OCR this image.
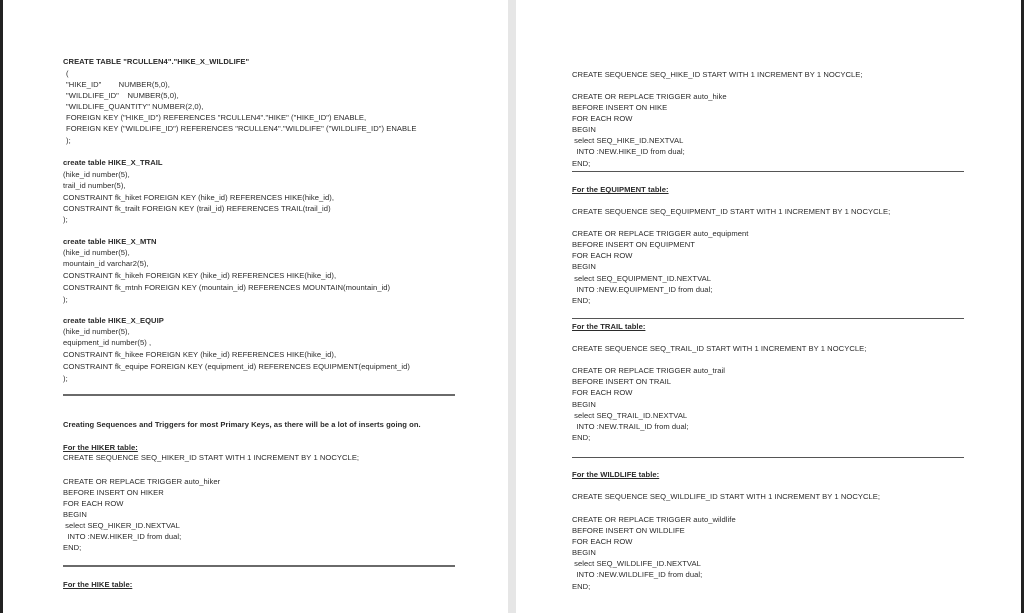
CREATE TABLE "RCULLEN4"."HIKE_X_WILDLIFE"
(
"HIKE_ID"        NUMBER(5,0),
"WILDLIFE_ID"    NUMBER(5,0),
"WILDLIFE_QUANTITY" NUMBER(2,0),
FOREIGN KEY ("HIKE_ID") REFERENCES "RCULLEN4"."HIKE" ("HIKE_ID") ENABLE,
FOREIGN KEY ("WILDLIFE_ID") REFERENCES "RCULLEN4"."WILDLIFE" ("WILDLIFE_ID") ENABLE
);
create table HIKE_X_TRAIL
(hike_id number(5),
trail_id number(5),
CONSTRAINT fk_hiket FOREIGN KEY (hike_id) REFERENCES HIKE(hike_id),
CONSTRAINT fk_trailt FOREIGN KEY (trail_id) REFERENCES TRAIL(trail_id)
);
create table HIKE_X_MTN
(hike_id number(5),
mountain_id varchar2(5),
CONSTRAINT fk_hikeh FOREIGN KEY (hike_id) REFERENCES HIKE(hike_id),
CONSTRAINT fk_mtnh FOREIGN KEY (mountain_id) REFERENCES MOUNTAIN(mountain_id)
);
create table HIKE_X_EQUIP
(hike_id number(5),
equipment_id number(5) ,
CONSTRAINT fk_hikee FOREIGN KEY (hike_id) REFERENCES HIKE(hike_id),
CONSTRAINT fk_equipe FOREIGN KEY (equipment_id) REFERENCES EQUIPMENT(equipment_id)
);
Creating Sequences and Triggers for most Primary Keys, as there will be a lot of inserts going on.
For the HIKER table:
CREATE SEQUENCE SEQ_HIKER_ID START WITH 1 INCREMENT BY 1 NOCYCLE;
CREATE OR REPLACE TRIGGER auto_hiker
BEFORE INSERT ON HIKER
FOR EACH ROW
BEGIN
select SEQ_HIKER_ID.NEXTVAL
INTO :NEW.HIKER_ID from dual;
END;
For the HIKE table:
CREATE SEQUENCE SEQ_HIKE_ID START WITH 1 INCREMENT BY 1 NOCYCLE;
CREATE OR REPLACE TRIGGER auto_hike
BEFORE INSERT ON HIKE
FOR EACH ROW
BEGIN
select SEQ_HIKE_ID.NEXTVAL
INTO :NEW.HIKE_ID from dual;
END;
For the EQUIPMENT table:
CREATE SEQUENCE SEQ_EQUIPMENT_ID START WITH 1 INCREMENT BY 1 NOCYCLE;
CREATE OR REPLACE TRIGGER auto_equipment
BEFORE INSERT ON EQUIPMENT
FOR EACH ROW
BEGIN
select SEQ_EQUIPMENT_ID.NEXTVAL
INTO :NEW.EQUIPMENT_ID from dual;
END;
For the TRAIL table:
CREATE SEQUENCE SEQ_TRAIL_ID START WITH 1 INCREMENT BY 1 NOCYCLE;
CREATE OR REPLACE TRIGGER auto_trail
BEFORE INSERT ON TRAIL
FOR EACH ROW
BEGIN
select SEQ_TRAIL_ID.NEXTVAL
INTO :NEW.TRAIL_ID from dual;
END;
For the WILDLIFE table:
CREATE SEQUENCE SEQ_WILDLIFE_ID START WITH 1 INCREMENT BY 1 NOCYCLE;
CREATE OR REPLACE TRIGGER auto_wildlife
BEFORE INSERT ON WILDLIFE
FOR EACH ROW
BEGIN
select SEQ_WILDLIFE_ID.NEXTVAL
INTO :NEW.WILDLIFE_ID from dual;
END;
